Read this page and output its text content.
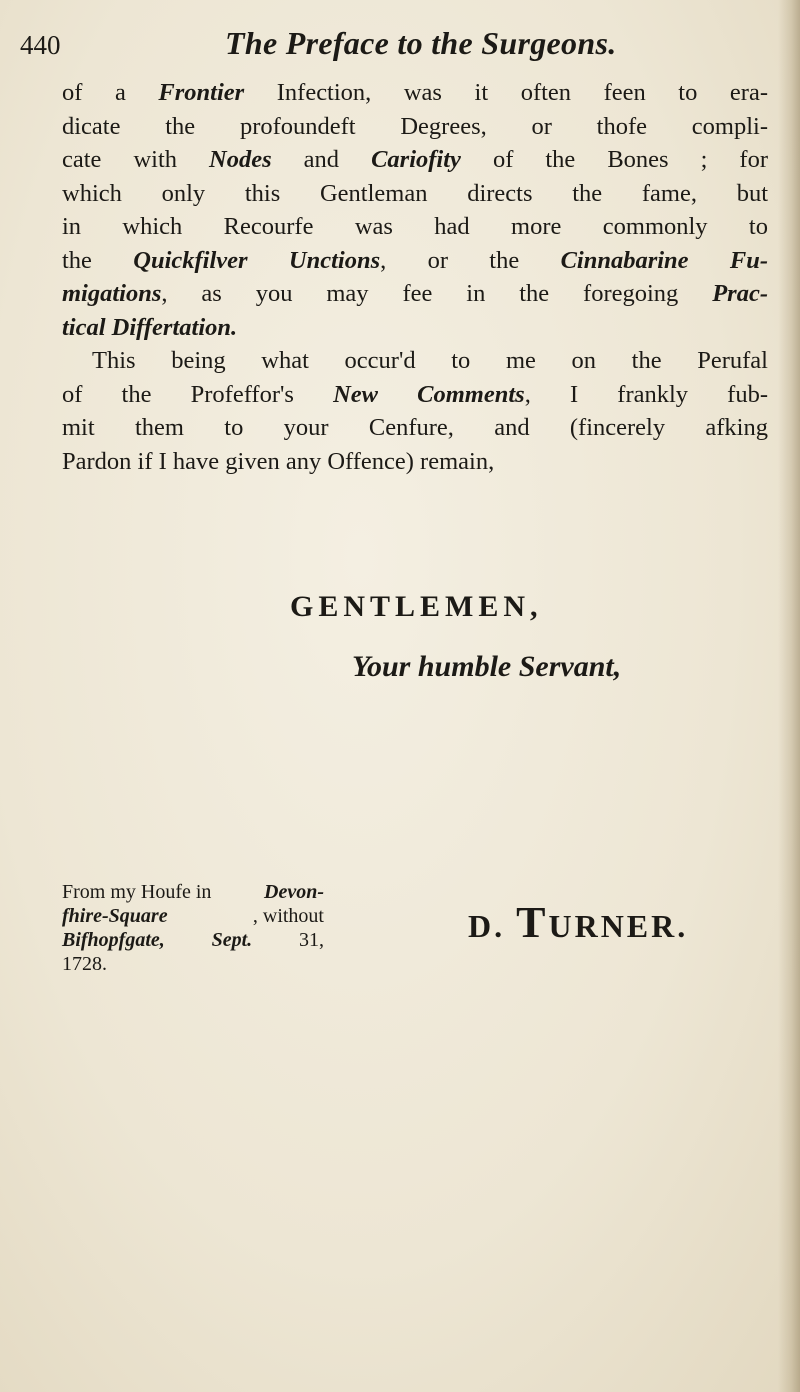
440	The Preface to the Surgeons.
of a Frontier Infection, was it often feen to era-
dicate the profoundeft Degrees, or thofe compli-
cate with Nodes and Cariofity of the Bones ; for
which only this Gentleman directs the fame, but
in which Recourfe was had more commonly to
the Quickfilver Unctions, or the Cinnabarine Fu-
migations, as you may fee in the foregoing Prac-
tical Differtation.
This being what occur'd to me on the Perufal
of the Profeffor's New Comments, I frankly fub-
mit them to your Cenfure, and (fincerely afking
Pardon if I have given any Offence) remain,
GENTLEMEN,
Your humble Servant,
From my Houfe in	Devon-
fhire-Square	, without
Bifhopfgate, Sept. 31,
1728.
D. TURNER.
